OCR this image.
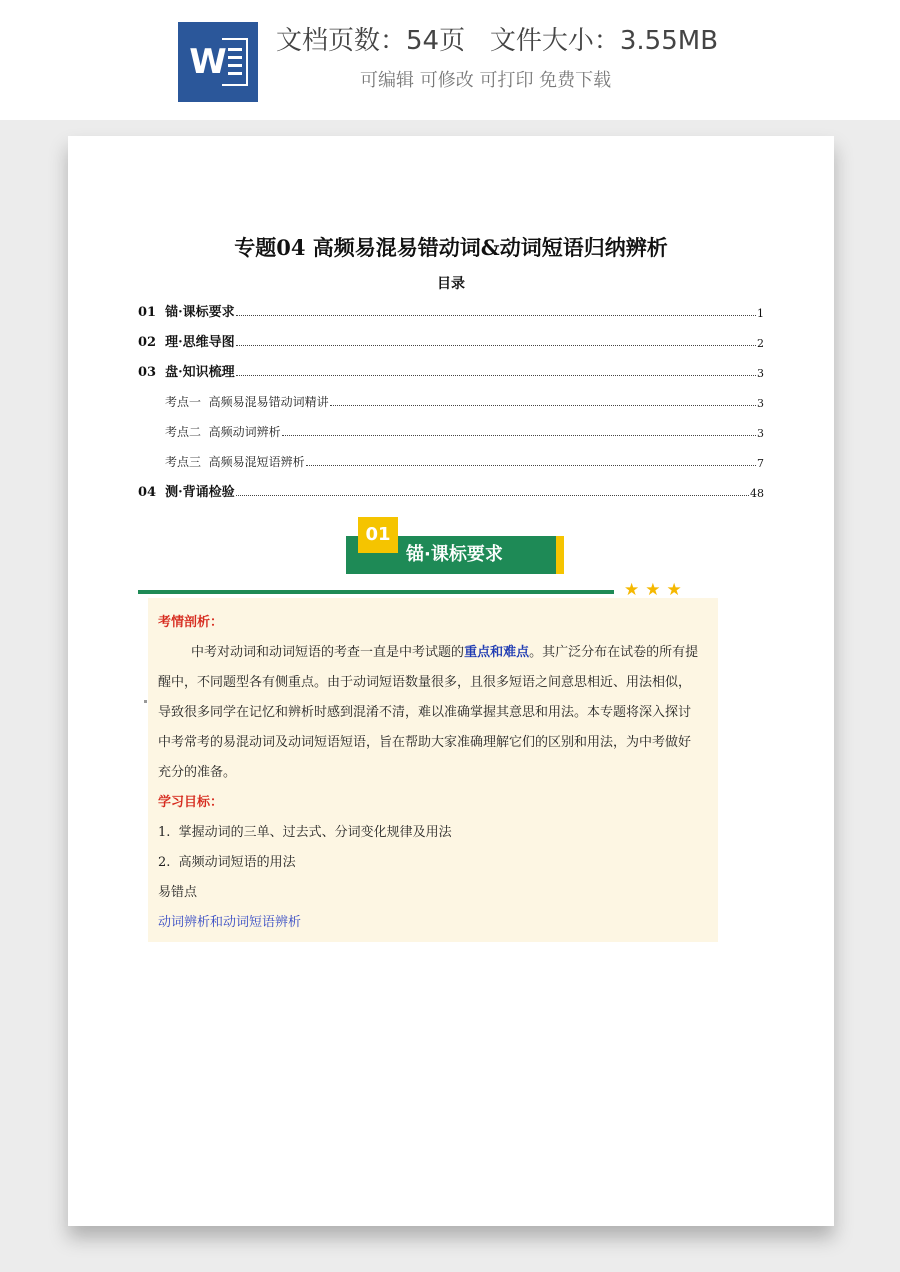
W
文档页数：54页   文件大小：3.55MB
可编辑 可修改 可打印 免费下载
专题04 高频易混易错动词&动词短语归纳辨析
目录
01  锚·课标要求	1
02  理·思维导图	2
03  盘·知识梳理	3
考点一  高频易混易错动词精讲	3
考点二  高频动词辨析	3
考点三  高频易混短语辨析	7
04  测·背诵检验	48
01
锚·课标要求
★★★
考情剖析：
中考对动词和动词短语的考查一直是中考试题的重点和难点。其广泛分布在试卷的所有提
醒中，不同题型各有侧重点。由于动词短语数量很多，且很多短语之间意思相近、用法相似，
导致很多同学在记忆和辨析时感到混淆不清，难以准确掌握其意思和用法。本专题将深入探讨
中考常考的易混动词及动词短语短语，旨在帮助大家准确理解它们的区别和用法，为中考做好
充分的准备。
学习目标：
1.  掌握动词的三单、过去式、分词变化规律及用法
2.  高频动词短语的用法
易错点
动词辨析和动词短语辨析
